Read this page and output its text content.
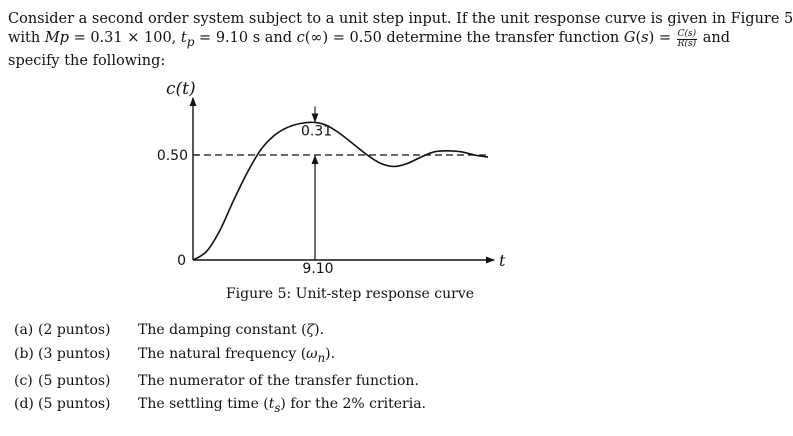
Consider a second order system subject to a unit step input. If the unit response curve is given in Figure 5
with Mp = 0.31 × 100, $t_p = 9.10$ s and c(∞) = 0.50 determine the transfer function $G(s) = \frac{C(s)}{R(s)}$ and
specify the following:
c(t)
t
0.50
0	9.10
0.31
Figure 5: Unit-step response curve
(a) (2 puntos) The damping constant (ζ).
(b) (3 puntos) The natural frequency $(\omega_n)$.
(c) (5 puntos) The numerator of the transfer function.
(d) (5 puntos) The settling time $(t_s)$ for the 2% criteria.
